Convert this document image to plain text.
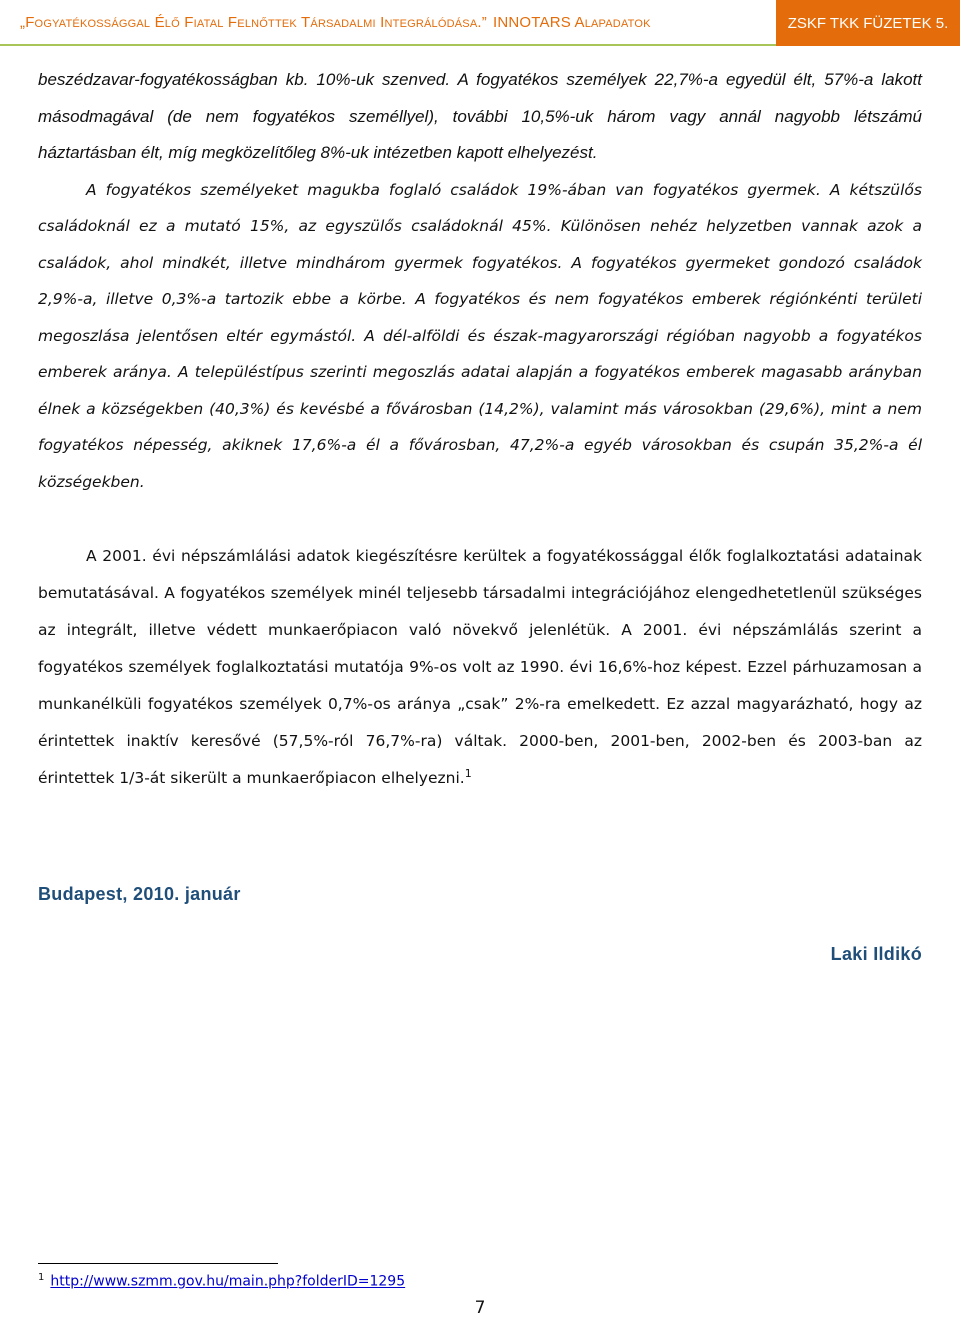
„Fogyatékossággal Élő Fiatal Felnőttek Társadalmi Integrálódása.” INNOTARS Alapadatok	ZSKF TKK FÜZETEK 5.

beszédzavar-fogyatékosságban kb. 10%-uk szenved. A fogyatékos személyek 22,7%-a egyedül élt, 57%-a lakott másodmagával (de nem fogyatékos személlyel), további 10,5%-uk három vagy annál nagyobb létszámú háztartásban élt, míg megközelítőleg 8%-uk intézetben kapott elhelyezést.

A fogyatékos személyeket magukba foglaló családok 19%-ában van fogyatékos gyermek. A kétszülős családoknál ez a mutató 15%, az egyszülős családoknál 45%. Különösen nehéz helyzetben vannak azok a családok, ahol mindkét, illetve mindhárom gyermek fogyatékos. A fogyatékos gyermeket gondozó családok 2,9%-a, illetve 0,3%-a tartozik ebbe a körbe. A fogyatékos és nem fogyatékos emberek régiónkénti területi megoszlása jelentősen eltér egymástól. A dél-alföldi és észak-magyarországi régióban nagyobb a fogyatékos emberek aránya. A településtípus szerinti megoszlás adatai alapján a fogyatékos emberek magasabb arányban élnek a községekben (40,3%) és kevésbé a fővárosban (14,2%), valamint más városokban (29,6%), mint a nem fogyatékos népesség, akiknek 17,6%-a él a fővárosban, 47,2%-a egyéb városokban és csupán 35,2%-a él községekben.

A 2001. évi népszámlálási adatok kiegészítésre kerültek a fogyatékossággal élők foglalkoztatási adatainak bemutatásával. A fogyatékos személyek minél teljesebb társadalmi integrációjához elengedhetetlenül szükséges az integrált, illetve védett munkaerőpiacon való növekvő jelenlétük. A 2001. évi népszámlálás szerint a fogyatékos személyek foglalkoztatási mutatója 9%-os volt az 1990. évi 16,6%-hoz képest. Ezzel párhuzamosan a munkanélküli fogyatékos személyek 0,7%-os aránya „csak” 2%-ra emelkedett. Ez azzal magyarázható, hogy az érintettek inaktív keresővé (57,5%-ról 76,7%-ra) váltak. 2000-ben, 2001-ben, 2002-ben és 2003-ban az érintettek 1/3-át sikerült a munkaerőpiacon elhelyezni.$^1$

Budapest, 2010. január
Laki Ildikó
$^1$ http://www.szmm.gov.hu/main.php?folderID=1295
7
